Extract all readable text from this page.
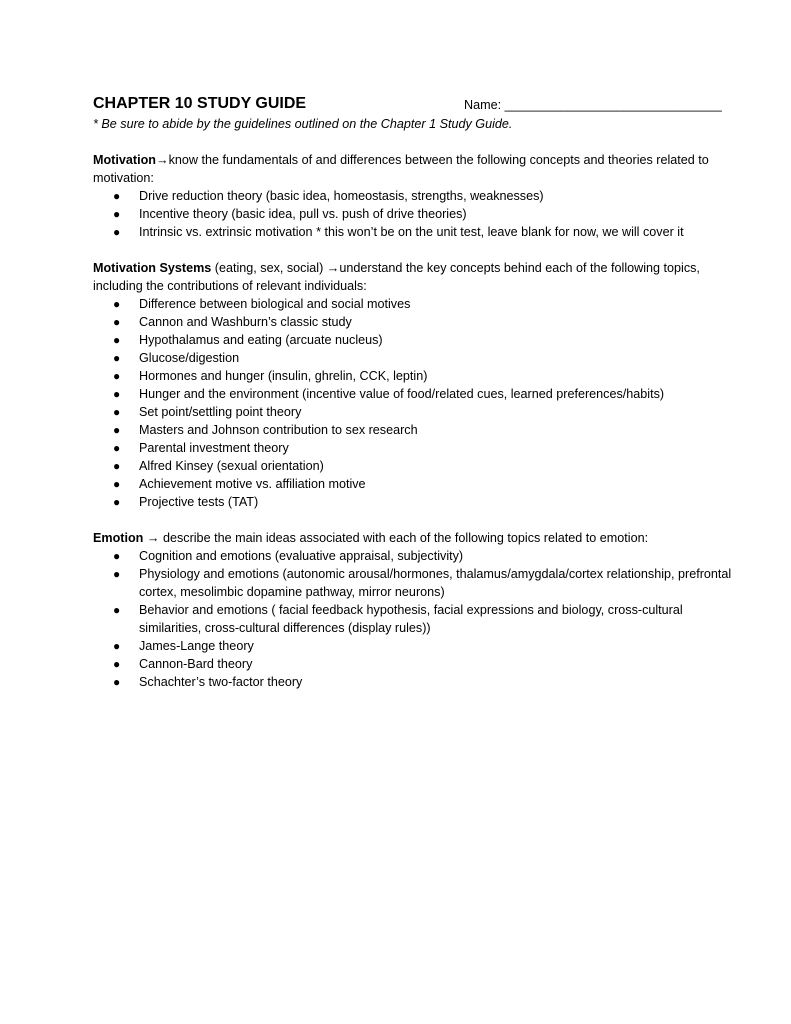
CHAPTER 10 STUDY GUIDE	Name: _______________________________
* Be sure to abide by the guidelines outlined on the Chapter 1 Study Guide.

Motivation→know the fundamentals of and differences between the following concepts and theories related to motivation:

● Drive reduction theory (basic idea, homeostasis, strengths, weaknesses)
● Incentive theory (basic idea, pull vs. push of drive theories)
● Intrinsic vs. extrinsic motivation * this won’t be on the unit test, leave blank for now, we will cover it

Motivation Systems (eating, sex, social) →understand the key concepts behind each of the following topics, including the contributions of relevant individuals:

● Difference between biological and social motives
● Cannon and Washburn’s classic study
● Hypothalamus and eating (arcuate nucleus)
● Glucose/digestion
● Hormones and hunger (insulin, ghrelin, CCK, leptin)
● Hunger and the environment (incentive value of food/related cues, learned preferences/habits)
● Set point/settling point theory
● Masters and Johnson contribution to sex research
● Parental investment theory
● Alfred Kinsey (sexual orientation)
● Achievement motive vs. affiliation motive
● Projective tests (TAT)

Emotion → describe the main ideas associated with each of the following topics related to emotion:

● Cognition and emotions (evaluative appraisal, subjectivity)
● Physiology and emotions (autonomic arousal/hormones, thalamus/amygdala/cortex relationship, prefrontal cortex, mesolimbic dopamine pathway, mirror neurons)
● Behavior and emotions ( facial feedback hypothesis, facial expressions and biology, cross-cultural similarities, cross-cultural differences (display rules))
● James-Lange theory
● Cannon-Bard theory
● Schachter’s two-factor theory
